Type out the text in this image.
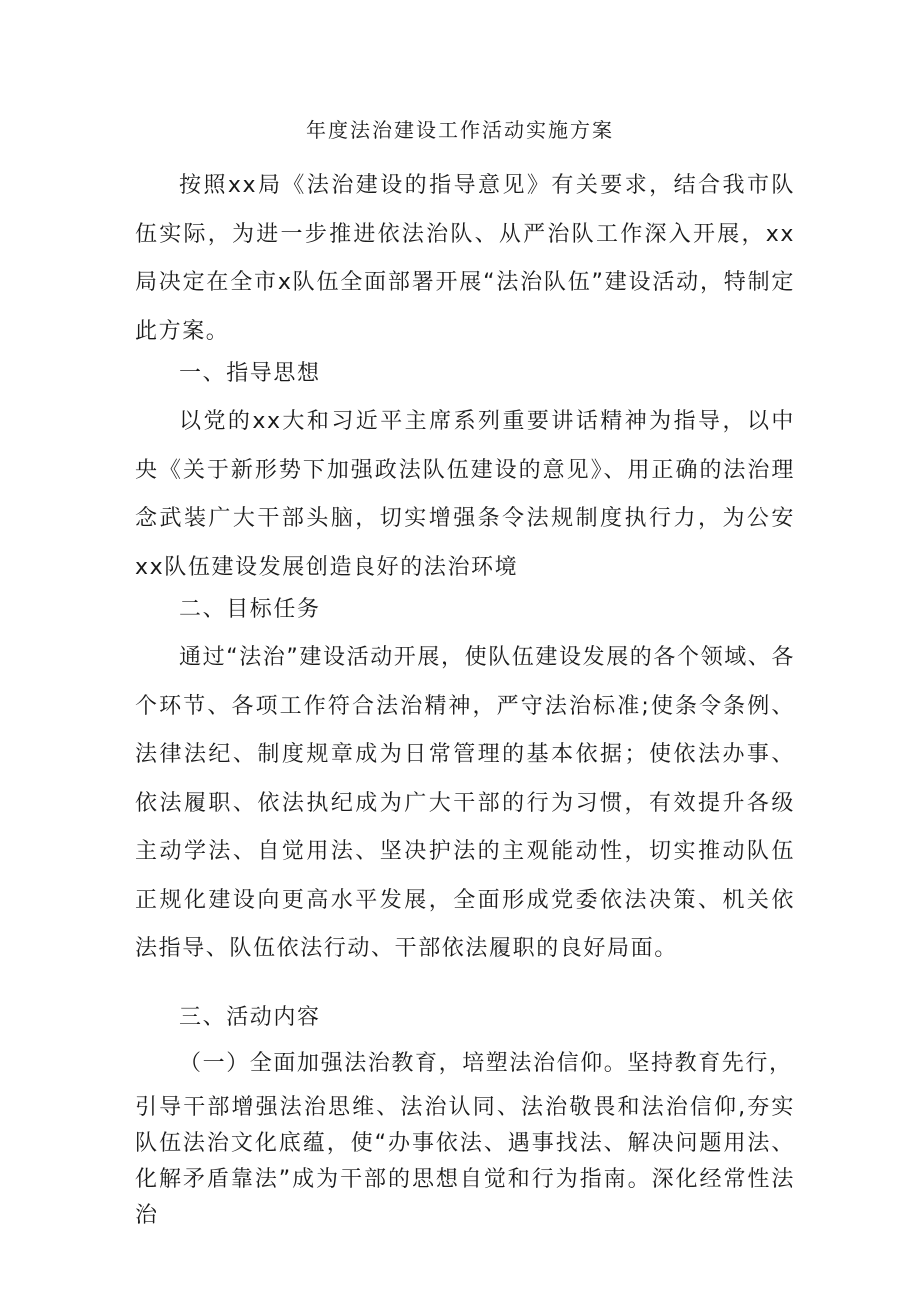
年度法治建设工作活动实施方案

按照xx局《法治建设的指导意见》有关要求，结合我市队伍实际，为进一步推进依法治队、从严治队工作深入开展，xx局决定在全市x队伍全面部署开展“法治队伍”建设活动，特制定此方案。

一、指导思想

以党的xx大和习近平主席系列重要讲话精神为指导，以中央《关于新形势下加强政法队伍建设的意见》、用正确的法治理念武装广大干部头脑，切实增强条令法规制度执行力，为公安xx队伍建设发展创造良好的法治环境

二、目标任务

通过“法治”建设活动开展，使队伍建设发展的各个领域、各个环节、各项工作符合法治精神，严守法治标准;使条令条例、法律法纪、制度规章成为日常管理的基本依据；使依法办事、依法履职、依法执纪成为广大干部的行为习惯，有效提升各级主动学法、自觉用法、坚决护法的主观能动性，切实推动队伍正规化建设向更高水平发展，全面形成党委依法决策、机关依法指导、队伍依法行动、干部依法履职的良好局面。

三、活动内容

（一）全面加强法治教育，培塑法治信仰。坚持教育先行，

引导干部增强法治思维、法治认同、法治敬畏和法治信仰,夯实队伍法治文化底蕴，使“办事依法、遇事找法、解决问题用法、化解矛盾靠法”成为干部的思想自觉和行为指南。深化经常性法治
